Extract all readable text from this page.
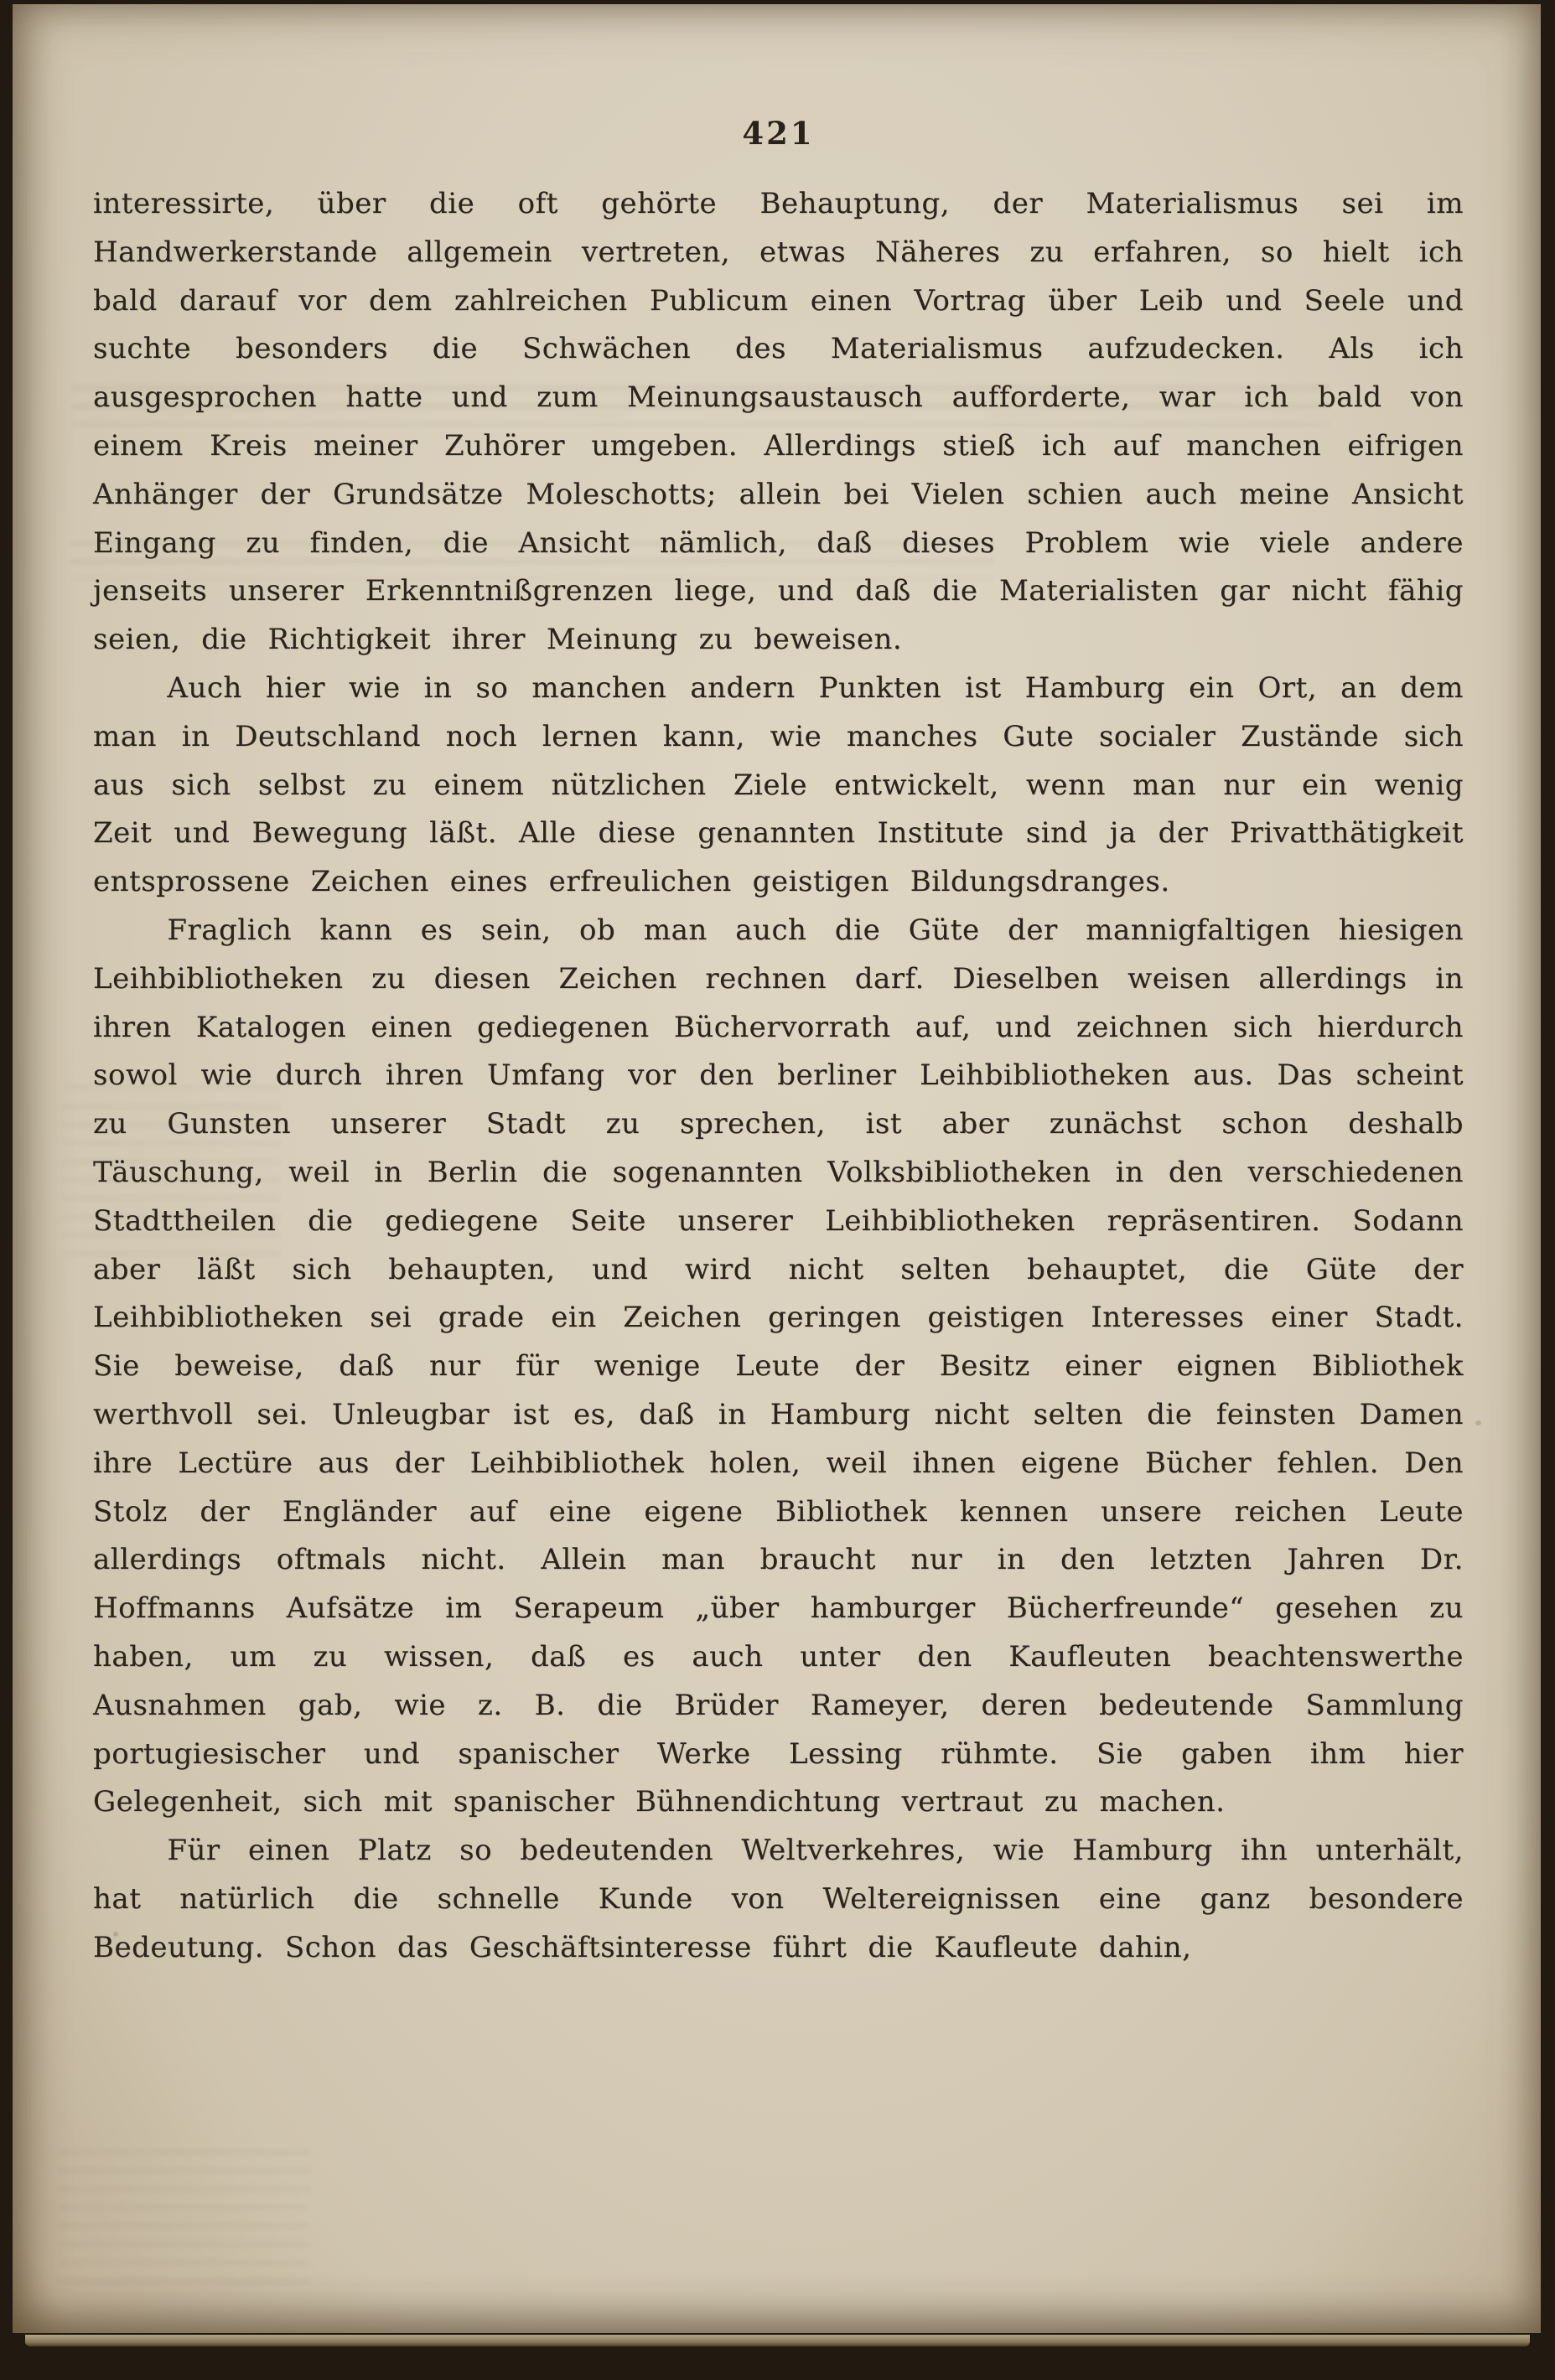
421

interessirte, über die oft gehörte Behauptung, der Materialismus sei im Handwerkerstande allgemein vertreten, etwas Näheres zu erfahren, so hielt ich bald darauf vor dem zahlreichen Publicum einen Vortrag über Leib und Seele und suchte besonders die Schwächen des Materialismus aufzudecken. Als ich ausgesprochen hatte und zum Meinungsaustausch aufforderte, war ich bald von einem Kreis meiner Zuhörer umgeben. Allerdings stieß ich auf manchen eifrigen Anhänger der Grundsätze Moleschotts; allein bei Vielen schien auch meine Ansicht Eingang zu finden, die Ansicht nämlich, daß dieses Problem wie viele andere jenseits unserer Erkenntnißgrenzen liege, und daß die Materialisten gar nicht fähig seien, die Richtigkeit ihrer Meinung zu beweisen.

Auch hier wie in so manchen andern Punkten ist Hamburg ein Ort, an dem man in Deutschland noch lernen kann, wie manches Gute socialer Zustände sich aus sich selbst zu einem nützlichen Ziele entwickelt, wenn man nur ein wenig Zeit und Bewegung läßt. Alle diese genannten Institute sind ja der Privatthätigkeit entsprossene Zeichen eines erfreulichen geistigen Bildungsdranges.

Fraglich kann es sein, ob man auch die Güte der mannigfaltigen hiesigen Leihbibliotheken zu diesen Zeichen rechnen darf. Dieselben weisen allerdings in ihren Katalogen einen gediegenen Büchervorrath auf, und zeichnen sich hierdurch sowol wie durch ihren Umfang vor den berliner Leihbibliotheken aus. Das scheint zu Gunsten unserer Stadt zu sprechen, ist aber zunächst schon deshalb Täuschung, weil in Berlin die sogenannten Volksbibliotheken in den verschiedenen Stadttheilen die gediegene Seite unserer Leihbibliotheken repräsentiren. Sodann aber läßt sich behaupten, und wird nicht selten behauptet, die Güte der Leihbibliotheken sei grade ein Zeichen geringen geistigen Interesses einer Stadt. Sie beweise, daß nur für wenige Leute der Besitz einer eignen Bibliothek werthvoll sei. Unleugbar ist es, daß in Hamburg nicht selten die feinsten Damen ihre Lectüre aus der Leihbibliothek holen, weil ihnen eigene Bücher fehlen. Den Stolz der Engländer auf eine eigene Bibliothek kennen unsere reichen Leute allerdings oftmals nicht. Allein man braucht nur in den letzten Jahren Dr. Hoffmanns Aufsätze im Serapeum „über hamburger Bücherfreunde“ gesehen zu haben, um zu wissen, daß es auch unter den Kaufleuten beachtenswerthe Ausnahmen gab, wie z. B. die Brüder Rameyer, deren bedeutende Sammlung portugiesischer und spanischer Werke Lessing rühmte. Sie gaben ihm hier Gelegenheit, sich mit spanischer Bühnendichtung vertraut zu machen.

Für einen Platz so bedeutenden Weltverkehres, wie Hamburg ihn unterhält, hat natürlich die schnelle Kunde von Weltereignissen eine ganz besondere Bedeutung. Schon das Geschäftsinteresse führt die Kaufleute dahin,
